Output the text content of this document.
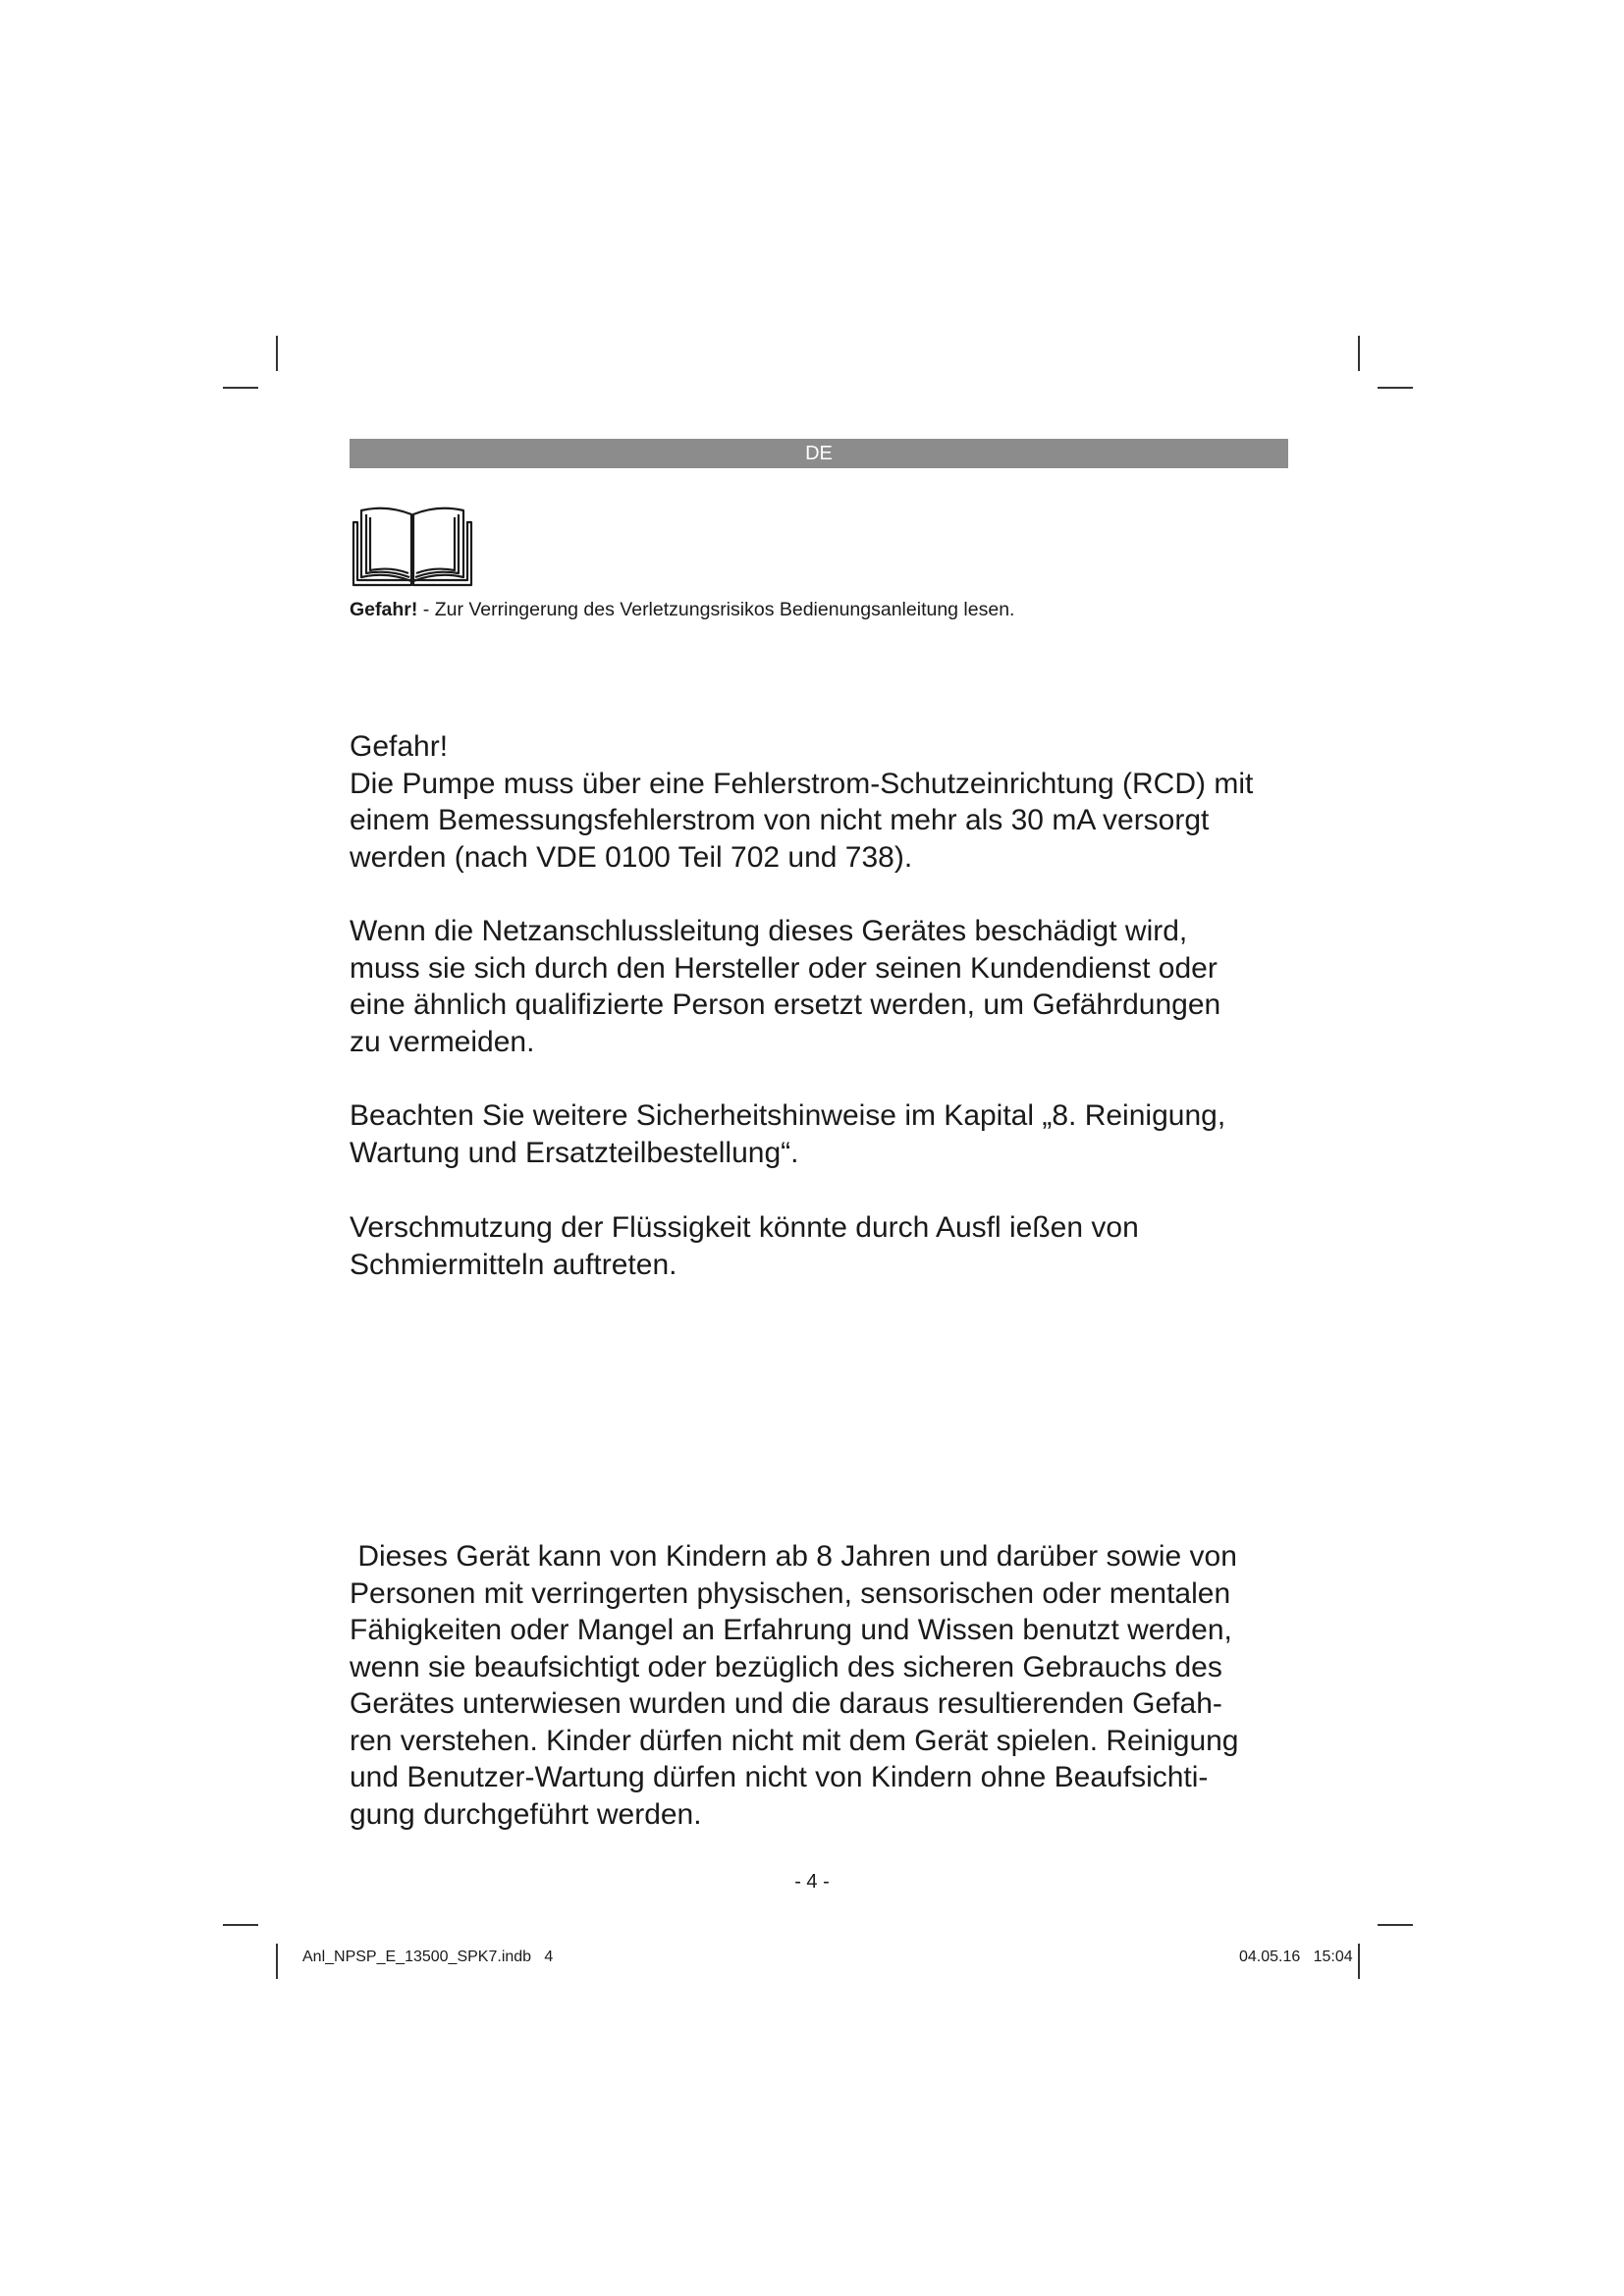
DE
Gefahr! - Zur Verringerung des Verletzungsrisikos Bedienungsanleitung lesen.
Gefahr!
Die Pumpe muss über eine Fehlerstrom-Schutzeinrichtung (RCD) mit
einem Bemessungsfehlerstrom von nicht mehr als 30 mA versorgt
werden (nach VDE 0100 Teil 702 und 738).
Wenn die Netzanschlussleitung dieses Gerätes beschädigt wird,
muss sie sich durch den Hersteller oder seinen Kundendienst oder
eine ähnlich qualifizierte Person ersetzt werden, um Gefährdungen
zu vermeiden.
Beachten Sie weitere Sicherheitshinweise im Kapital „8. Reinigung,
Wartung und Ersatzteilbestellung“.
Verschmutzung der Flüssigkeit könnte durch Ausfl ießen von
Schmiermitteln auftreten.
Dieses Gerät kann von Kindern ab 8 Jahren und darüber sowie von
Personen mit verringerten physischen, sensorischen oder mentalen
Fähigkeiten oder Mangel an Erfahrung und Wissen benutzt werden,
wenn sie beaufsichtigt oder bezüglich des sicheren Gebrauchs des
Gerätes unterwiesen wurden und die daraus resultierenden Gefah-
ren verstehen. Kinder dürfen nicht mit dem Gerät spielen. Reinigung
und Benutzer-Wartung dürfen nicht von Kindern ohne Beaufsichti-
gung durchgeführt werden.
- 4 -
Anl_NPSP_E_13500_SPK7.indb   4	04.05.16   15:04
